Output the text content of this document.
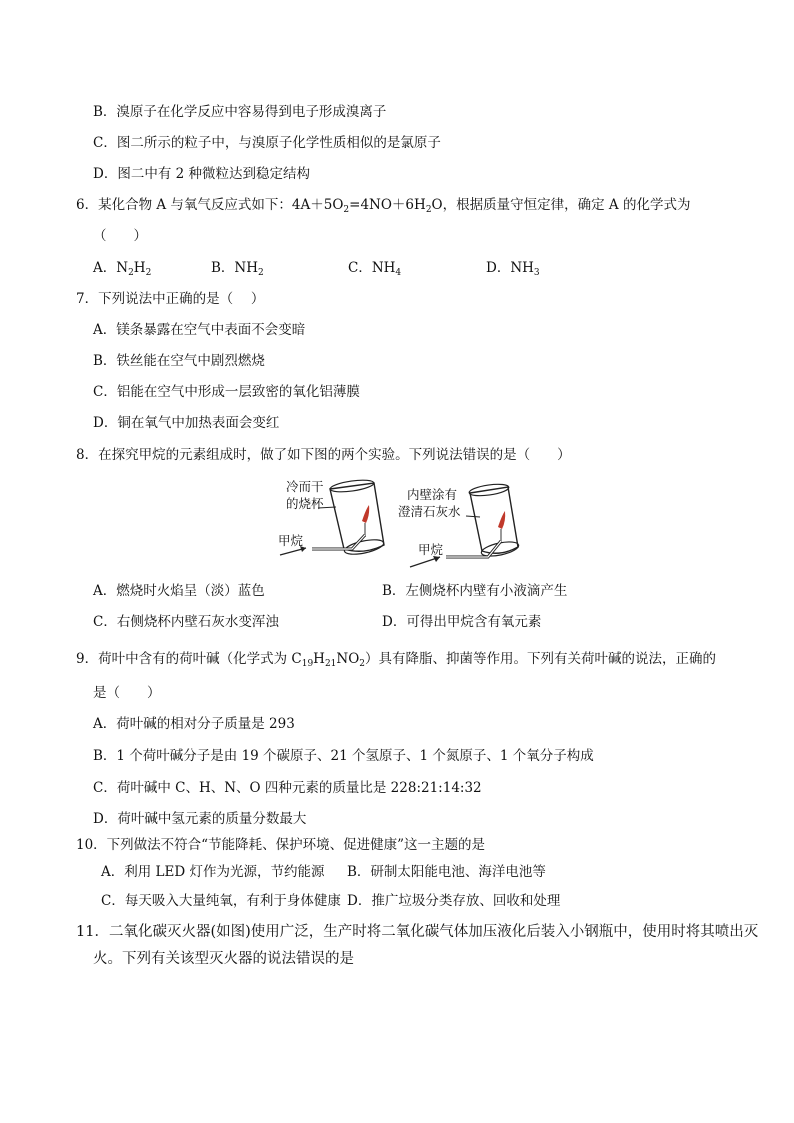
B．溴原子在化学反应中容易得到电子形成溴离子
C．图二所示的粒子中，与溴原子化学性质相似的是氯原子
D．图二中有 2 种微粒达到稳定结构
6．某化合物 A 与氧气反应式如下：$4A+5O_2=4NO+6H_2O$，根据质量守恒定律，确定 A 的化学式为
（　　）
A．$N_2H_2$	B．$NH_2$	C．$NH_4$	D．$NH_3$
7．下列说法中正确的是（　 ）
A．镁条暴露在空气中表面不会变暗
B．铁丝能在空气中剧烈燃烧
C．铝能在空气中形成一层致密的氧化铝薄膜
D．铜在氧气中加热表面会变红
8．在探究甲烷的元素组成时，做了如下图的两个实验。下列说法错误的是（　　）
冷而干
的烧杯
甲烷
内壁涂有
澄清石灰水
甲烷
A．燃烧时火焰呈（淡）蓝色	B．左侧烧杯内壁有小液滴产生
C．右侧烧杯内壁石灰水变浑浊	D．可得出甲烷含有氧元素
9．荷叶中含有的荷叶碱（化学式为 $C_{19}H_{21}NO_2$）具有降脂、抑菌等作用。下列有关荷叶碱的说法，正确的
是（　　）
A．荷叶碱的相对分子质量是 293
B．1 个荷叶碱分子是由 19 个碳原子、21 个氢原子、1 个氮原子、1 个氧分子构成
C．荷叶碱中 C、H、N、O 四种元素的质量比是 228:21:14:32
D．荷叶碱中氢元素的质量分数最大
10．下列做法不符合“节能降耗、保护环境、促进健康”这一主题的是
A．利用 LED 灯作为光源，节约能源 B．研制太阳能电池、海洋电池等
C．每天吸入大量纯氧，有利于身体健康 D．推广垃圾分类存放、回收和处理
11．二氧化碳灭火器(如图)使用广泛，生产时将二氧化碳气体加压液化后装入小钢瓶中，使用时将其喷出灭
火。下列有关该型灭火器的说法错误的是
